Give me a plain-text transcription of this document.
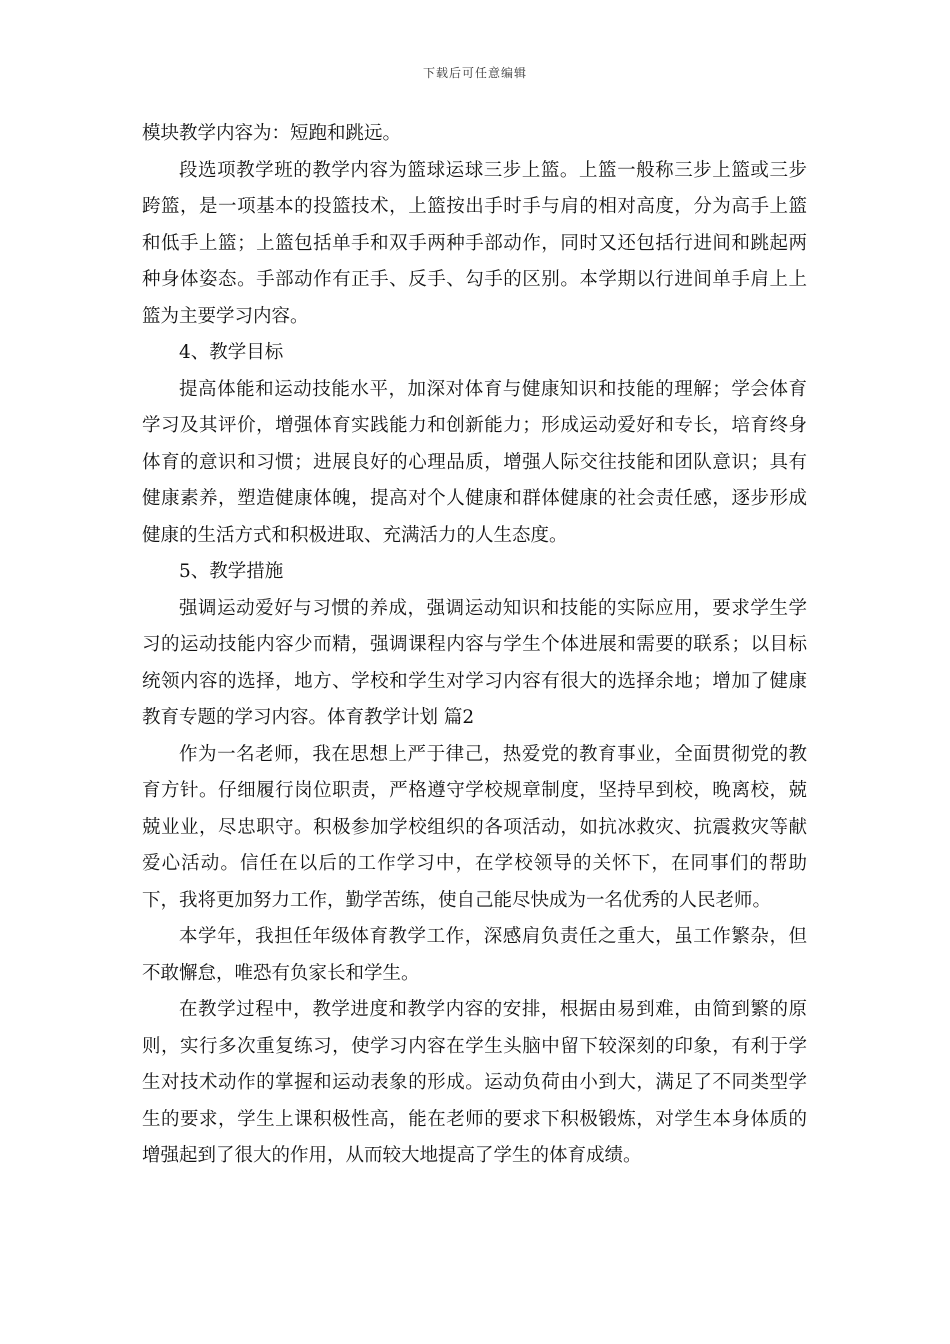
下载后可任意编辑

模块教学内容为：短跑和跳远。

段选项教学班的教学内容为篮球运球三步上篮。上篮一般称三步上篮或三步跨篮，是一项基本的投篮技术，上篮按出手时手与肩的相对高度，分为高手上篮和低手上篮；上篮包括单手和双手两种手部动作，同时又还包括行进间和跳起两种身体姿态。手部动作有正手、反手、勾手的区别。本学期以行进间单手肩上上篮为主要学习内容。

4、教学目标

提高体能和运动技能水平，加深对体育与健康知识和技能的理解；学会体育学习及其评价，增强体育实践能力和创新能力；形成运动爱好和专长，培育终身体育的意识和习惯；进展良好的心理品质，增强人际交往技能和团队意识；具有健康素养，塑造健康体魄，提高对个人健康和群体健康的社会责任感，逐步形成健康的生活方式和积极进取、充满活力的人生态度。

5、教学措施

强调运动爱好与习惯的养成，强调运动知识和技能的实际应用，要求学生学习的运动技能内容少而精，强调课程内容与学生个体进展和需要的联系；以目标统领内容的选择，地方、学校和学生对学习内容有很大的选择余地；增加了健康教育专题的学习内容。体育教学计划 篇2

作为一名老师，我在思想上严于律己，热爱党的教育事业，全面贯彻党的教育方针。仔细履行岗位职责，严格遵守学校规章制度，坚持早到校，晚离校，兢兢业业，尽忠职守。积极参加学校组织的各项活动，如抗冰救灾、抗震救灾等献爱心活动。信任在以后的工作学习中，在学校领导的关怀下，在同事们的帮助下，我将更加努力工作，勤学苦练，使自己能尽快成为一名优秀的人民老师。

本学年，我担任年级体育教学工作，深感肩负责任之重大，虽工作繁杂，但不敢懈怠，唯恐有负家长和学生。

在教学过程中，教学进度和教学内容的安排，根据由易到难，由简到繁的原则，实行多次重复练习，使学习内容在学生头脑中留下较深刻的印象，有利于学生对技术动作的掌握和运动表象的形成。运动负荷由小到大，满足了不同类型学生的要求，学生上课积极性高，能在老师的要求下积极锻炼，对学生本身体质的增强起到了很大的作用，从而较大地提高了学生的体育成绩。
